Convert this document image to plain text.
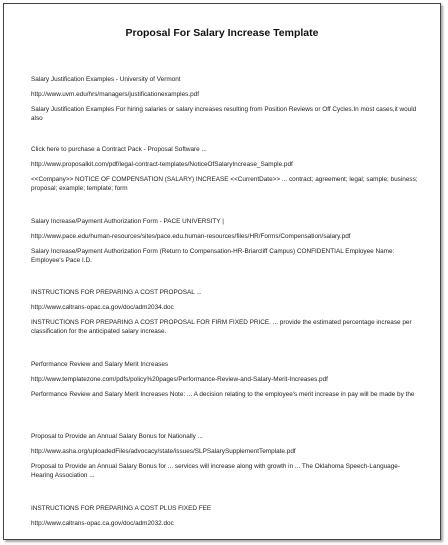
Proposal For Salary Increase Template

Salary Justification Examples - University of Vermont

http://www.uvm.edu/hrs/managers/justificationexamples.pdf

Salary Justification Examples For hiring salaries or salary increases resulting from Position Reviews or Off Cycles.In most cases,it would also

Click here to purchase a Contract Pack - Proposal Software ...

http://www.proposalkit.com/pdf/legal-contract-templates/NoticeOfSalaryIncrease_Sample.pdf

<<Company>> NOTICE OF COMPENSATION (SALARY) INCREASE <<CurrentDate>> ... contract; agreement; legal; sample; business; proposal; example; template; form

Salary Increase/Payment Authorization Form - PACE UNIVERSITY |

http://www.pace.edu/human-resources/sites/pace.edu.human-resources/files/HR/Forms/Compensation/salary.pdf

Salary Increase/Payment Authorization Form (Return to Compensation-HR-Briarcliff Campus) CONFIDENTIAL Employee Name: Employee's Pace I.D.

INSTRUCTIONS FOR PREPARING A COST PROPOSAL ...

http://www.caltrans-opac.ca.gov/doc/adm2034.doc

INSTRUCTIONS FOR PREPARING A COST PROPOSAL FOR FIRM FIXED PRICE. ... provide the estimated percentage increase per classification for the anticipated salary increase.

Performance Review and Salary Merit Increases

http://www.templatezone.com/pdfs/policy%20pages/Performance-Review-and-Salary-Merit-Increases.pdf

Performance Review and Salary Merit Increases Note: ... A decision relating to the employee's merit increase in pay will be made by the

Proposal to Provide an Annual Salary Bonus for Nationally ...

http://www.asha.org/uploadedFiles/advocacy/state/issues/SLPSalarySupplementTemplate.pdf

Proposal to Provide an Annual Salary Bonus for ... services will increase along with growth in ... The Oklahoma Speech-Language-Hearing Association ...

INSTRUCTIONS FOR PREPARING A COST PLUS FIXED FEE

http://www.caltrans-opac.ca.gov/doc/adm2032.doc
